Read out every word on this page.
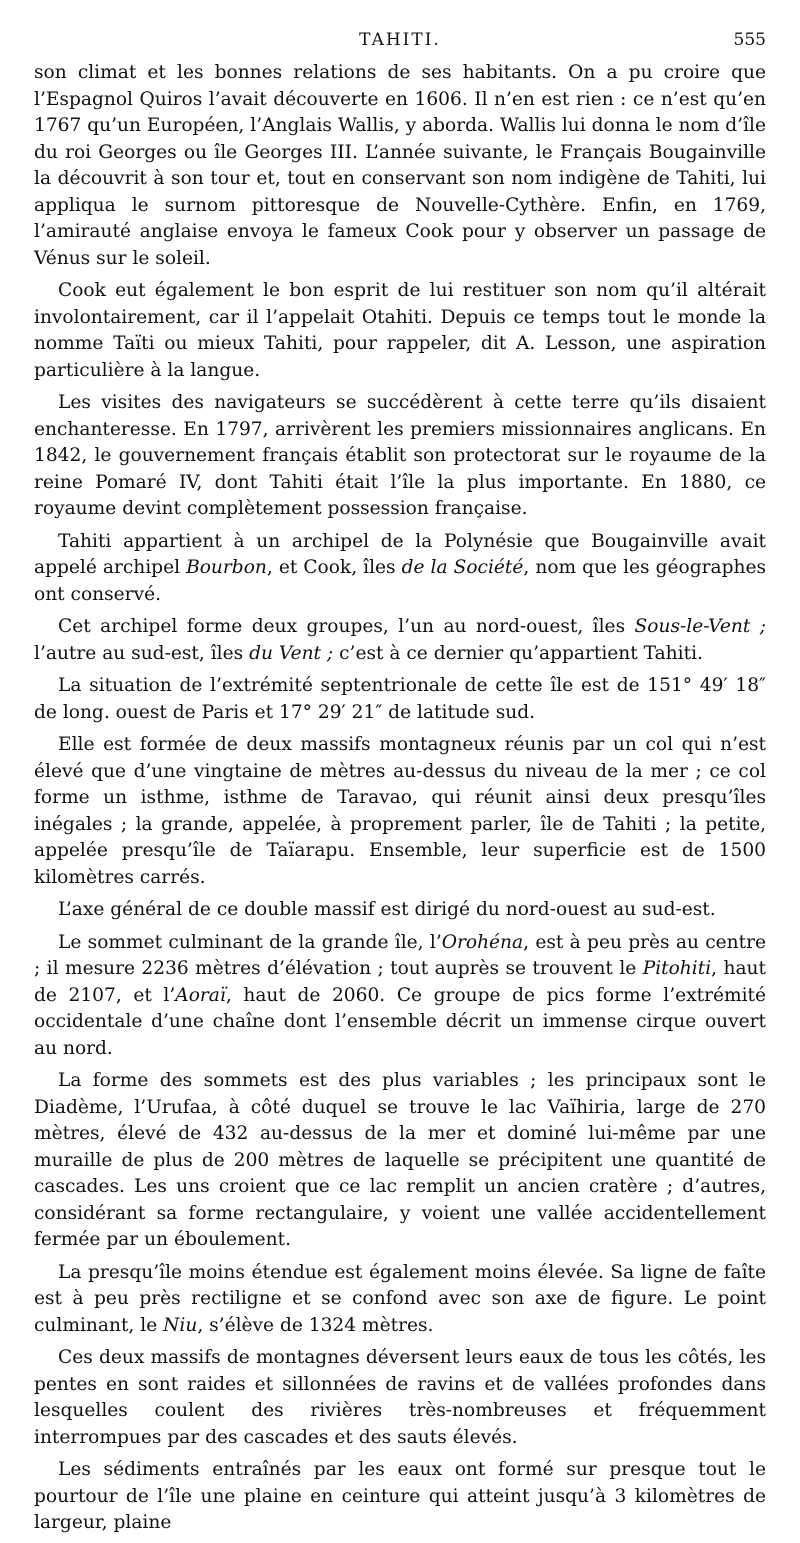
TAHITI.	555

son climat et les bonnes relations de ses habitants. On a pu croire que l’Espagnol Quiros l’avait découverte en 1606. Il n’en est rien : ce n’est qu’en 1767 qu’un Européen, l’Anglais Wallis, y aborda. Wallis lui donna le nom d’île du roi Georges ou île Georges III. L’année suivante, le Français Bougainville la découvrit à son tour et, tout en conservant son nom indigène de Tahiti, lui appliqua le surnom pittoresque de Nouvelle-Cythère. Enfin, en 1769, l’amirauté anglaise envoya le fameux Cook pour y observer un passage de Vénus sur le soleil.

Cook eut également le bon esprit de lui restituer son nom qu’il altérait involontairement, car il l’appelait Otahiti. Depuis ce temps tout le monde la nomme Taïti ou mieux Tahiti, pour rappeler, dit A. Lesson, une aspiration particulière à la langue.

Les visites des navigateurs se succédèrent à cette terre qu’ils disaient enchanteresse. En 1797, arrivèrent les premiers missionnaires anglicans. En 1842, le gouvernement français établit son protectorat sur le royaume de la reine Pomaré IV, dont Tahiti était l’île la plus importante. En 1880, ce royaume devint complètement possession française.

Tahiti appartient à un archipel de la Polynésie que Bougainville avait appelé archipel Bourbon, et Cook, îles de la Société, nom que les géographes ont conservé.

Cet archipel forme deux groupes, l’un au nord-ouest, îles Sous-le-Vent ; l’autre au sud-est, îles du Vent ; c’est à ce dernier qu’appartient Tahiti.

La situation de l’extrémité septentrionale de cette île est de 151° 49′ 18″ de long. ouest de Paris et 17° 29′ 21″ de latitude sud.

Elle est formée de deux massifs montagneux réunis par un col qui n’est élevé que d’une vingtaine de mètres au-dessus du niveau de la mer ; ce col forme un isthme, isthme de Taravao, qui réunit ainsi deux presqu’îles inégales ; la grande, appelée, à proprement parler, île de Tahiti ; la petite, appelée presqu’île de Taïarapu. Ensemble, leur superficie est de 1500 kilomètres carrés.

L’axe général de ce double massif est dirigé du nord-ouest au sud-est.

Le sommet culminant de la grande île, l’Orohéna, est à peu près au centre ; il mesure 2236 mètres d’élévation ; tout auprès se trouvent le Pitohiti, haut de 2107, et l’Aoraï, haut de 2060. Ce groupe de pics forme l’extrémité occidentale d’une chaîne dont l’ensemble décrit un immense cirque ouvert au nord.

La forme des sommets est des plus variables ; les principaux sont le Diadème, l’Urufaa, à côté duquel se trouve le lac Vaïhiria, large de 270 mètres, élevé de 432 au-dessus de la mer et dominé lui-même par une muraille de plus de 200 mètres de laquelle se précipitent une quantité de cascades. Les uns croient que ce lac remplit un ancien cratère ; d’autres, considérant sa forme rectangulaire, y voient une vallée accidentellement fermée par un éboulement.

La presqu’île moins étendue est également moins élevée. Sa ligne de faîte est à peu près rectiligne et se confond avec son axe de figure. Le point culminant, le Niu, s’élève de 1324 mètres.

Ces deux massifs de montagnes déversent leurs eaux de tous les côtés, les pentes en sont raides et sillonnées de ravins et de vallées profondes dans lesquelles coulent des rivières très-nombreuses et fréquemment interrompues par des cascades et des sauts élevés.

Les sédiments entraînés par les eaux ont formé sur presque tout le pourtour de l’île une plaine en ceinture qui atteint jusqu’à 3 kilomètres de largeur, plaine
